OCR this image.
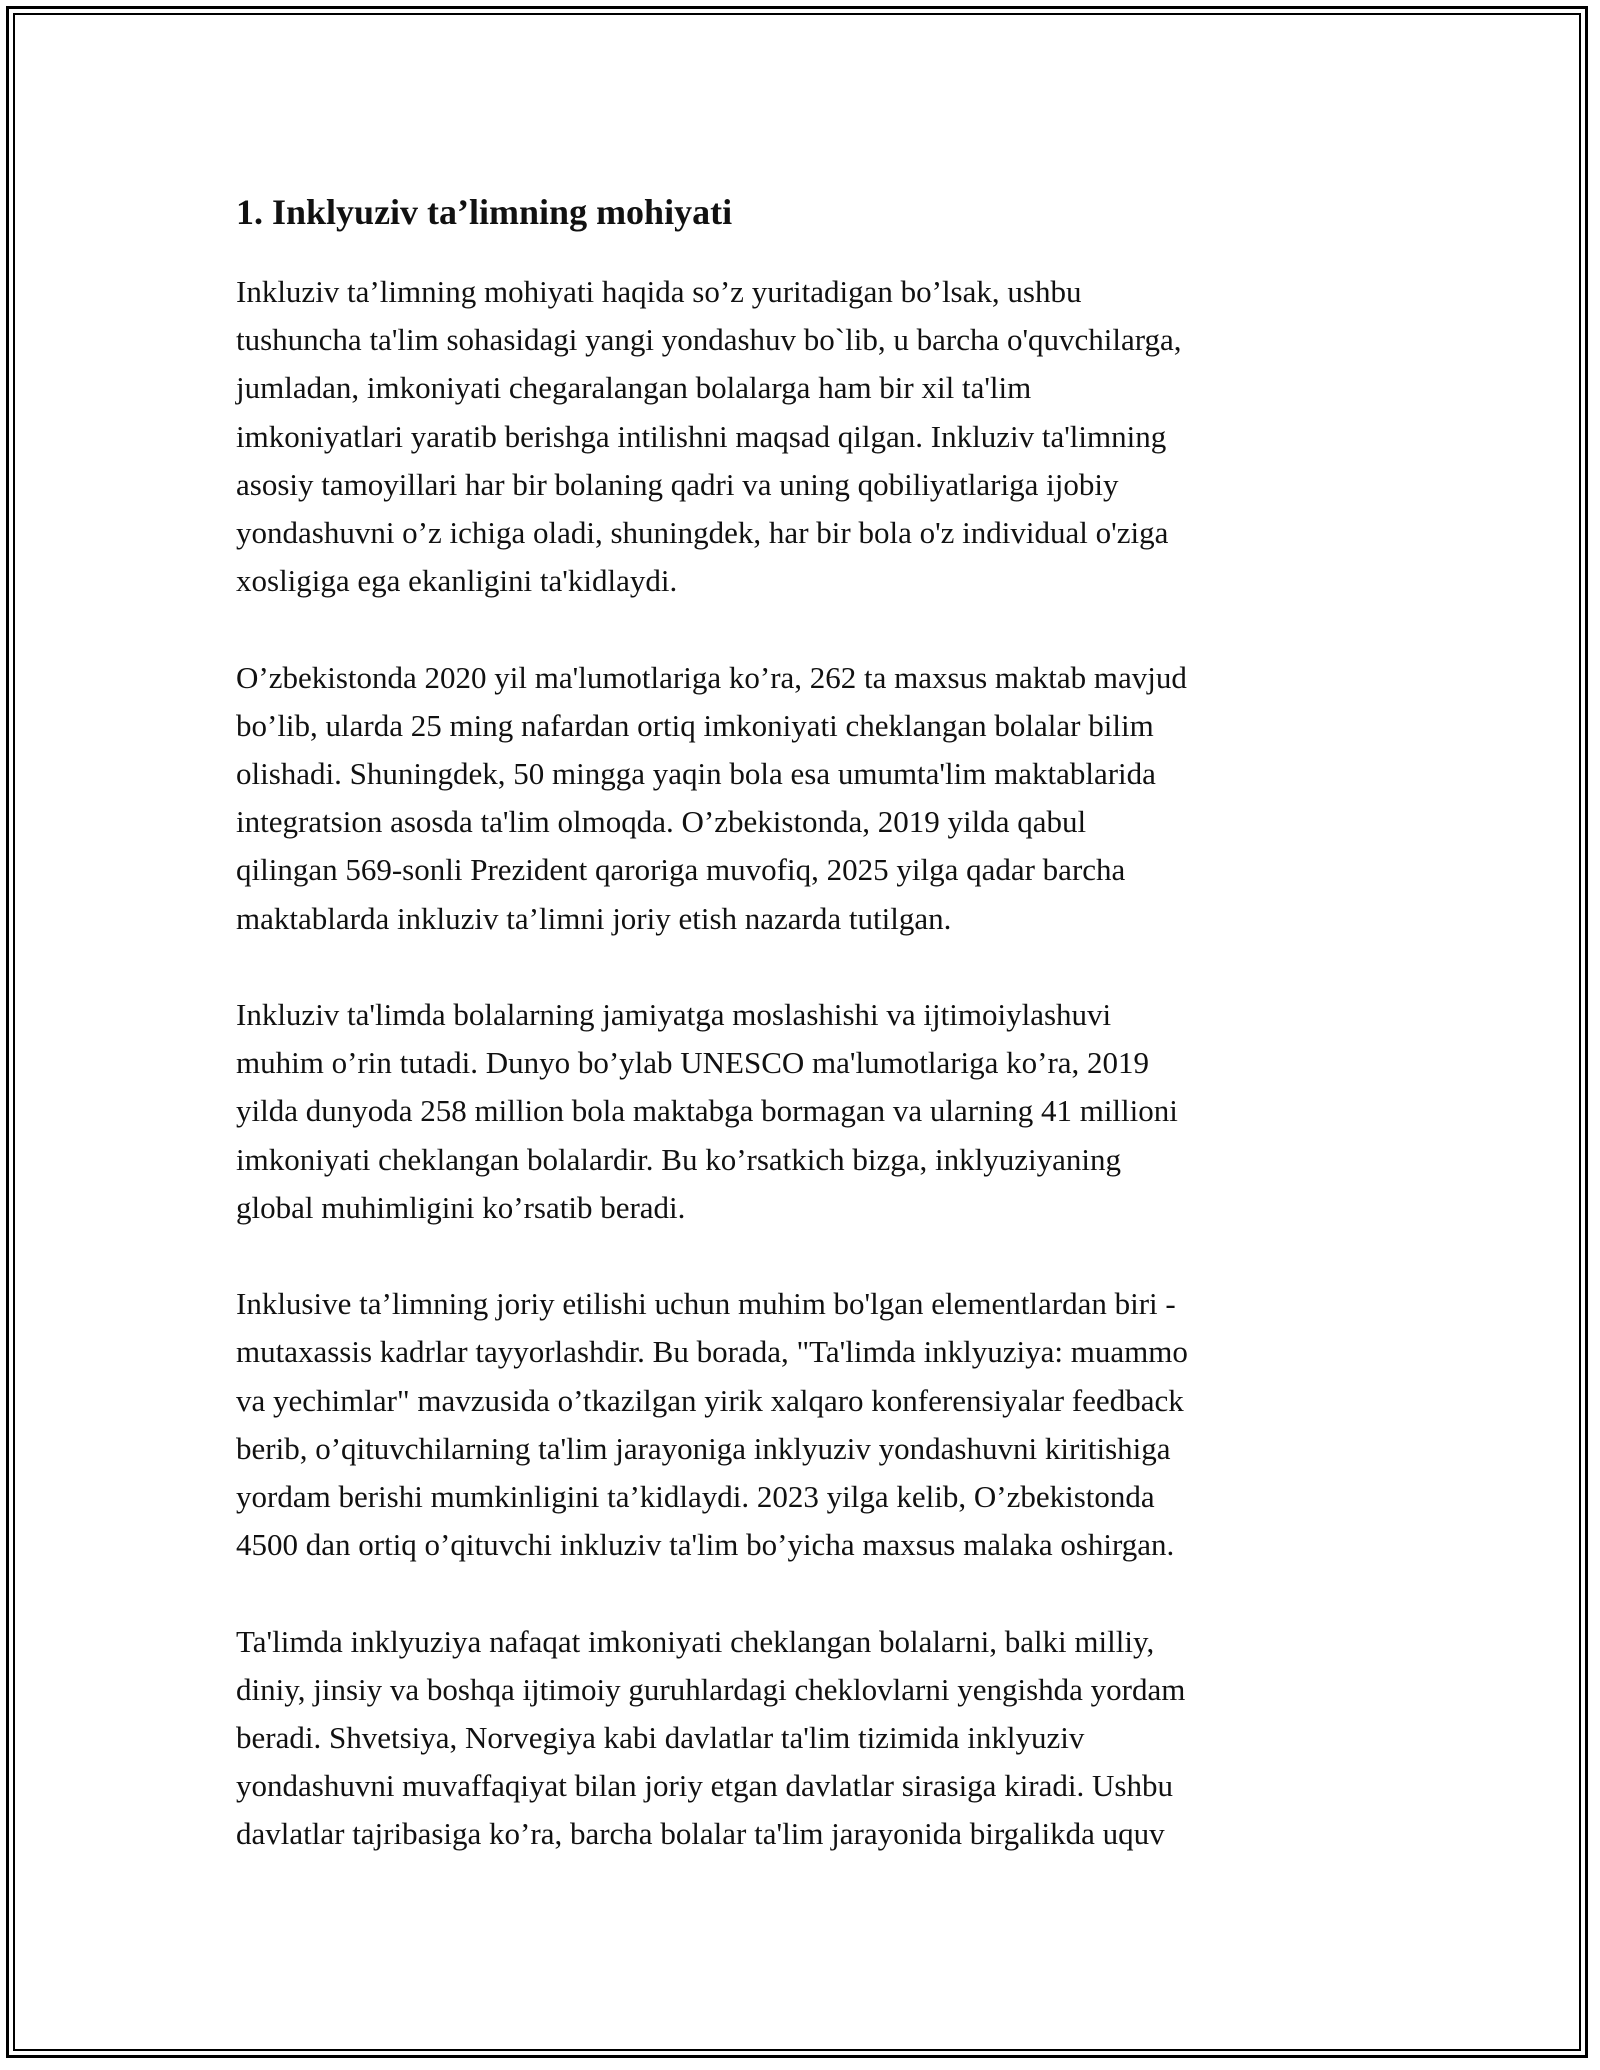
1. Inklyuziv ta’limning mohiyati

Inkluziv ta’limning mohiyati haqida so’z yuritadigan bo’lsak, ushbu
tushuncha ta'lim sohasidagi yangi yondashuv bo`lib, u barcha o'quvchilarga,
jumladan, imkoniyati chegaralangan bolalarga ham bir xil ta'lim
imkoniyatlari yaratib berishga intilishni maqsad qilgan. Inkluziv ta'limning
asosiy tamoyillari har bir bolaning qadri va uning qobiliyatlariga ijobiy
yondashuvni o’z ichiga oladi, shuningdek, har bir bola o'z individual o'ziga
xosligiga ega ekanligini ta'kidlaydi.

O’zbekistonda 2020 yil ma'lumotlariga ko’ra, 262 ta maxsus maktab mavjud
bo’lib, ularda 25 ming nafardan ortiq imkoniyati cheklangan bolalar bilim
olishadi. Shuningdek, 50 mingga yaqin bola esa umumta'lim maktablarida
integratsion asosda ta'lim olmoqda. O’zbekistonda, 2019 yilda qabul
qilingan 569-sonli Prezident qaroriga muvofiq, 2025 yilga qadar barcha
maktablarda inkluziv ta’limni joriy etish nazarda tutilgan.

Inkluziv ta'limda bolalarning jamiyatga moslashishi va ijtimoiylashuvi
muhim o’rin tutadi. Dunyo bo’ylab UNESCO ma'lumotlariga ko’ra, 2019
yilda dunyoda 258 million bola maktabga bormagan va ularning 41 millioni
imkoniyati cheklangan bolalardir. Bu ko’rsatkich bizga, inklyuziyaning
global muhimligini ko’rsatib beradi.

Inklusive ta’limning joriy etilishi uchun muhim bo'lgan elementlardan biri -
mutaxassis kadrlar tayyorlashdir. Bu borada, "Ta'limda inklyuziya: muammo
va yechimlar" mavzusida o’tkazilgan yirik xalqaro konferensiyalar feedback
berib, o’qituvchilarning ta'lim jarayoniga inklyuziv yondashuvni kiritishiga
yordam berishi mumkinligini ta’kidlaydi. 2023 yilga kelib, O’zbekistonda
4500 dan ortiq o’qituvchi inkluziv ta'lim bo’yicha maxsus malaka oshirgan.

Ta'limda inklyuziya nafaqat imkoniyati cheklangan bolalarni, balki milliy,
diniy, jinsiy va boshqa ijtimoiy guruhlardagi cheklovlarni yengishda yordam
beradi. Shvetsiya, Norvegiya kabi davlatlar ta'lim tizimida inklyuziv
yondashuvni muvaffaqiyat bilan joriy etgan davlatlar sirasiga kiradi. Ushbu
davlatlar tajribasiga ko’ra, barcha bolalar ta'lim jarayonida birgalikda uquv
